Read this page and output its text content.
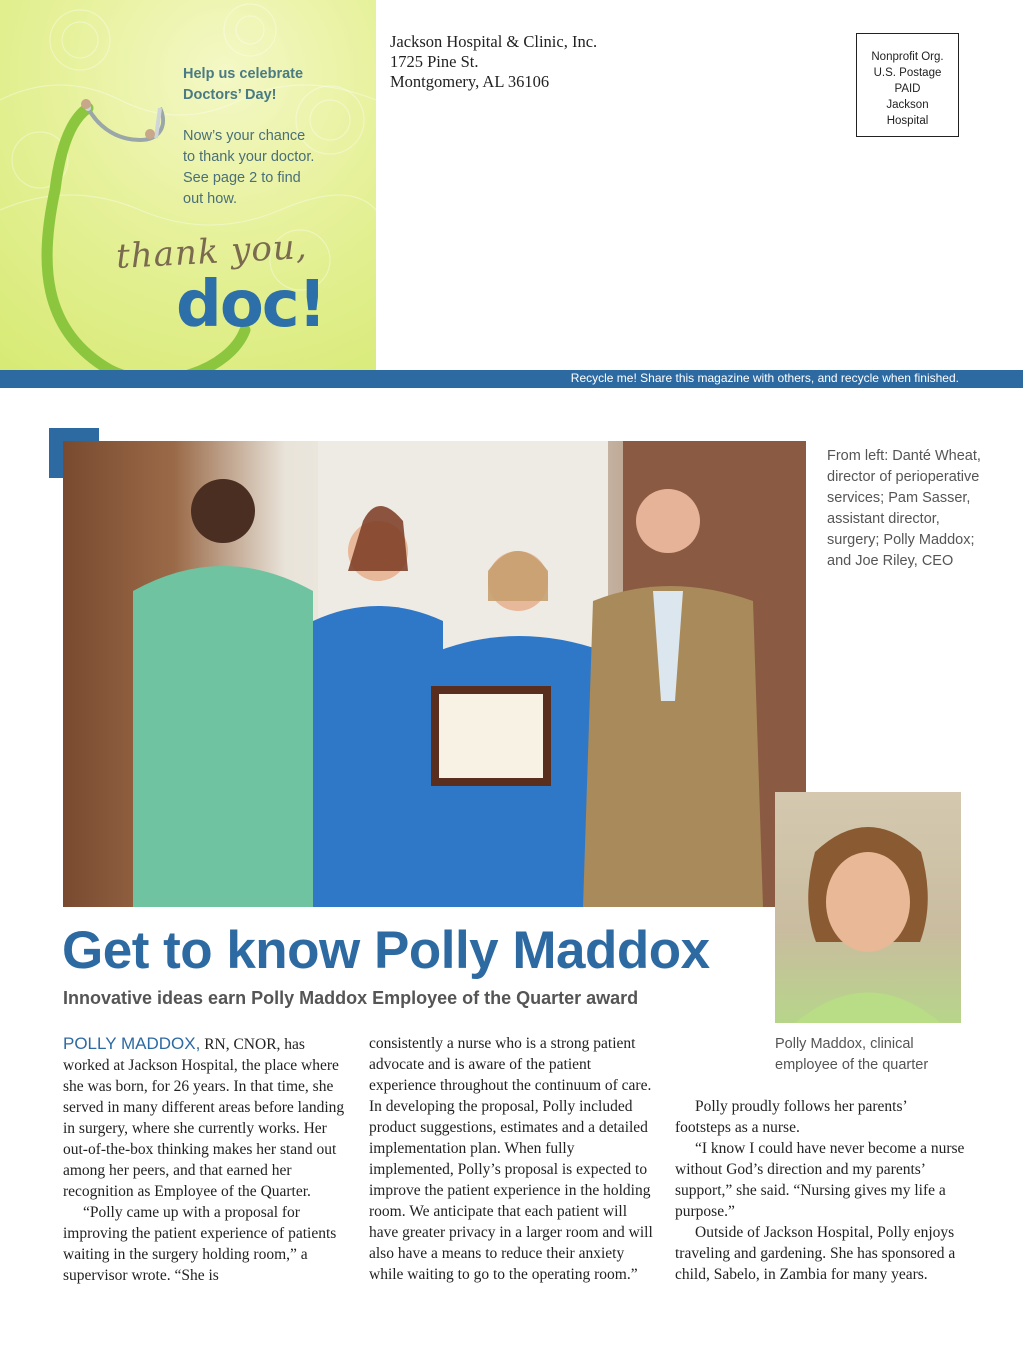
Help us celebrate
Doctors’ Day!
Now’s your chance
to thank your doctor.
See page 2 to find
out how.
thank you,
doc!
Jackson Hospital & Clinic, Inc.
1725 Pine St.
Montgomery, AL 36106
Nonprofit Org.
U.S. Postage
PAID
Jackson
Hospital
Recycle me! Share this magazine with others, and recycle when finished.
From left: Danté Wheat, director of perioperative services; Pam Sasser, assistant director, surgery; Polly Maddox; and Joe Riley, CEO
Polly Maddox, clinical employee of the quarter
Get to know Polly Maddox
Innovative ideas earn Polly Maddox Employee of the Quarter award

POLLY MADDOX, RN, CNOR, has worked at Jackson Hospital, the place where she was born, for 26 years. In that time, she served in many different areas before landing in surgery, where she currently works. Her out-of-the-box thinking makes her stand out among her peers, and that earned her recognition as Employee of the Quarter.

“Polly came up with a proposal for improving the patient experience of patients waiting in the surgery holding room,” a supervisor wrote. “She is

consistently a nurse who is a strong patient advocate and is aware of the patient experience throughout the continuum of care. In developing the proposal, Polly included product suggestions, estimates and a detailed implementation plan. When fully implemented, Polly’s proposal is expected to improve the patient experience in the holding room. We anticipate that each patient will have greater privacy in a larger room and will also have a means to reduce their anxiety while waiting to go to the operating room.”

Polly proudly follows her parents’ footsteps as a nurse.

“I know I could have never become a nurse without God’s direction and my parents’ support,” she said. “Nursing gives my life a purpose.”

Outside of Jackson Hospital, Polly enjoys traveling and gardening. She has sponsored a child, Sabelo, in Zambia for many years.
